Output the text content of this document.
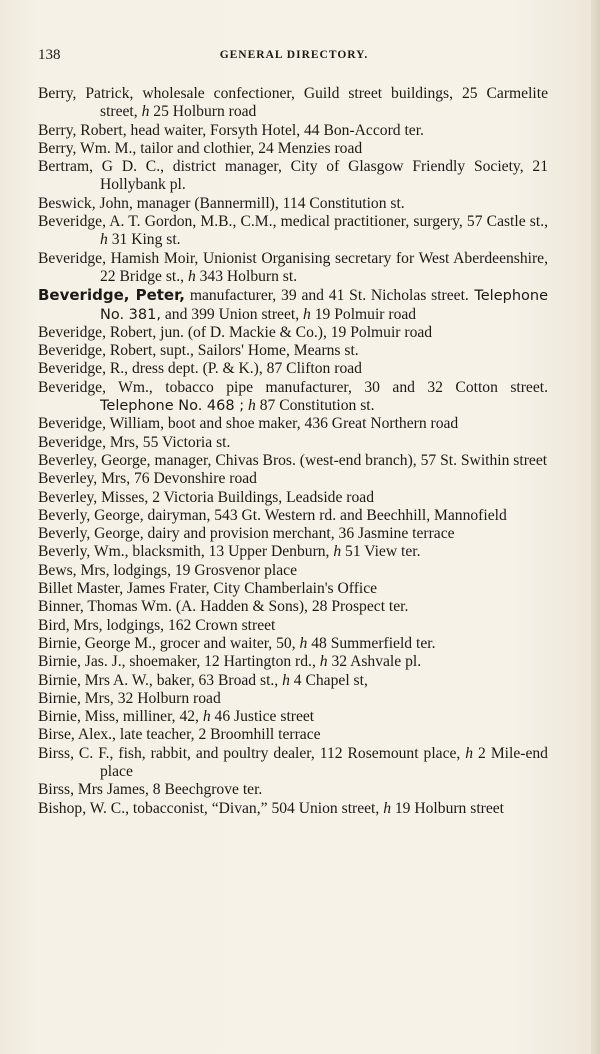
138	GENERAL DIRECTORY.

Berry, Patrick, wholesale confectioner, Guild street buildings, 25 Carmelite street, h 25 Holburn road

Berry, Robert, head waiter, Forsyth Hotel, 44 Bon-Accord ter.

Berry, Wm. M., tailor and clothier, 24 Menzies road

Bertram, G D. C., district manager, City of Glasgow Friendly Society, 21 Hollybank pl.

Beswick, John, manager (Bannermill), 114 Constitution st.

Beveridge, A. T. Gordon, M.B., C.M., medical practitioner, surgery, 57 Castle st., h 31 King st.

Beveridge, Hamish Moir, Unionist Organising secretary for West Aberdeenshire, 22 Bridge st., h 343 Holburn st.

Beveridge, Peter, manufacturer, 39 and 41 St. Nicholas street. Telephone No. 381, and 399 Union street, h 19 Polmuir road

Beveridge, Robert, jun. (of D. Mackie & Co.), 19 Polmuir road

Beveridge, Robert, supt., Sailors' Home, Mearns st.

Beveridge, R., dress dept. (P. & K.), 87 Clifton road

Beveridge, Wm., tobacco pipe manufacturer, 30 and 32 Cotton street. Telephone No. 468 ; h 87 Constitution st.

Beveridge, William, boot and shoe maker, 436 Great Northern road

Beveridge, Mrs, 55 Victoria st.

Beverley, George, manager, Chivas Bros. (west-end branch), 57 St. Swithin street

Beverley, Mrs, 76 Devonshire road

Beverley, Misses, 2 Victoria Buildings, Leadside road

Beverly, George, dairyman, 543 Gt. Western rd. and Beechhill, Mannofield

Beverly, George, dairy and provision merchant, 36 Jasmine terrace

Beverly, Wm., blacksmith, 13 Upper Denburn, h 51 View ter.

Bews, Mrs, lodgings, 19 Grosvenor place

Billet Master, James Frater, City Chamberlain's Office

Binner, Thomas Wm. (A. Hadden & Sons), 28 Prospect ter.

Bird, Mrs, lodgings, 162 Crown street

Birnie, George M., grocer and waiter, 50, h 48 Summerfield ter.

Birnie, Jas. J., shoemaker, 12 Hartington rd., h 32 Ashvale pl.

Birnie, Mrs A. W., baker, 63 Broad st., h 4 Chapel st,

Birnie, Mrs, 32 Holburn road

Birnie, Miss, milliner, 42, h 46 Justice street

Birse, Alex., late teacher, 2 Broomhill terrace

Birss, C. F., fish, rabbit, and poultry dealer, 112 Rosemount place, h 2 Mile-end place

Birss, Mrs James, 8 Beechgrove ter.

Bishop, W. C., tobacconist, “Divan,” 504 Union street, h 19 Holburn street
